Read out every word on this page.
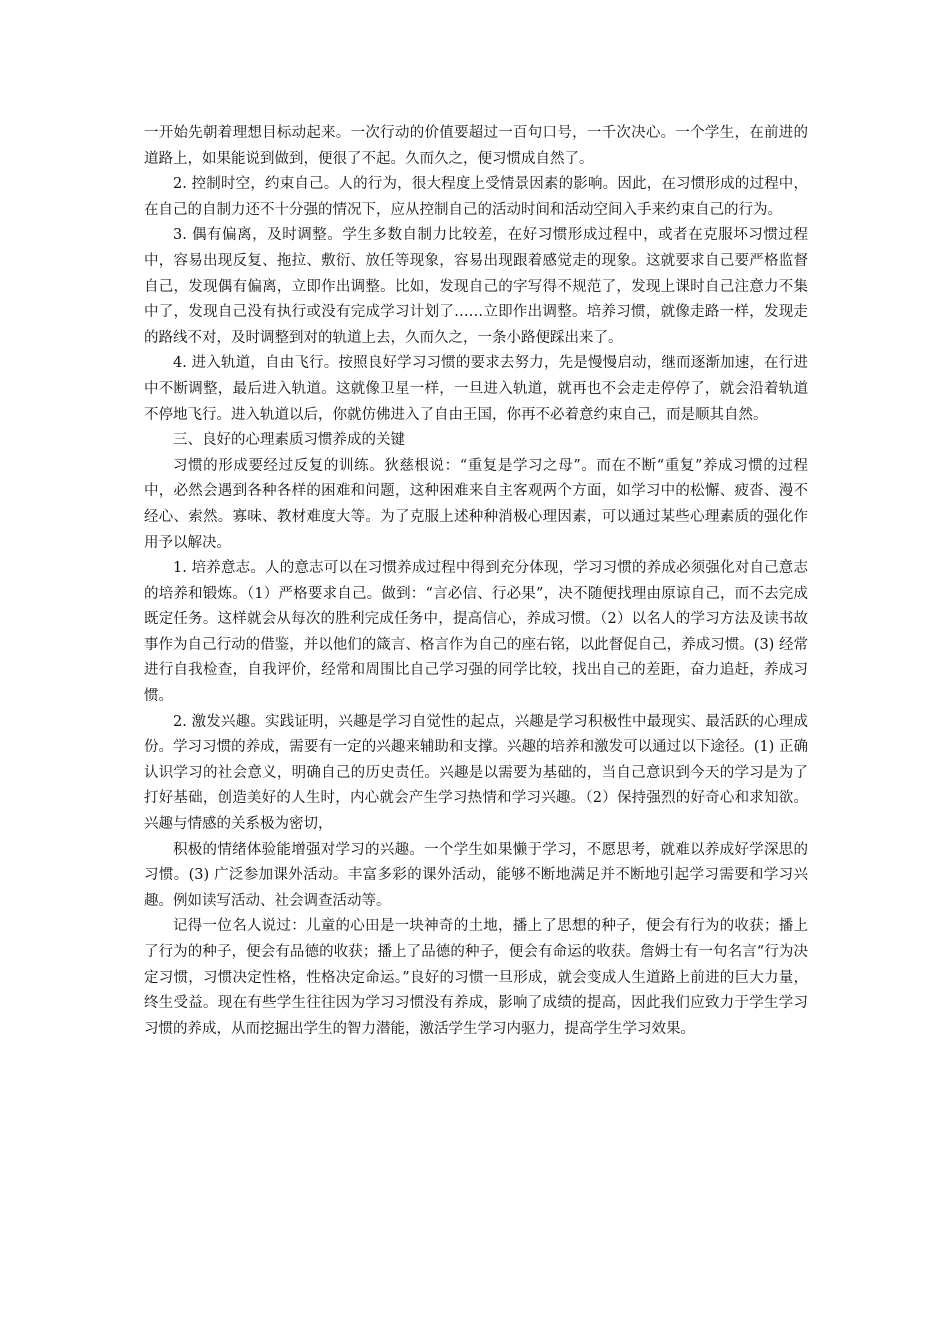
一开始先朝着理想目标动起来。一次行动的价值要超过一百句口号，一千次决心。一个学生，在前进的道路上，如果能说到做到，便很了不起。久而久之，便习惯成自然了。

2. 控制时空，约束自己。人的行为，很大程度上受情景因素的影响。因此，在习惯形成的过程中，在自己的自制力还不十分强的情况下，应从控制自己的活动时间和活动空间入手来约束自己的行为。

3. 偶有偏离，及时调整。学生多数自制力比较差，在好习惯形成过程中，或者在克服坏习惯过程中，容易出现反复、拖拉、敷衍、放任等现象，容易出现跟着感觉走的现象。这就要求自己要严格监督自己，发现偶有偏离，立即作出调整。比如，发现自己的字写得不规范了，发现上课时自己注意力不集中了，发现自己没有执行或没有完成学习计划了……立即作出调整。培养习惯，就像走路一样，发现走的路线不对，及时调整到对的轨道上去，久而久之，一条小路便踩出来了。

4. 进入轨道，自由飞行。按照良好学习习惯的要求去努力，先是慢慢启动，继而逐渐加速，在行进中不断调整，最后进入轨道。这就像卫星一样，一旦进入轨道，就再也不会走走停停了，就会沿着轨道不停地飞行。进入轨道以后，你就仿佛进入了自由王国，你再不必着意约束自己，而是顺其自然。

三、良好的心理素质习惯养成的关键

习惯的形成要经过反复的训练。狄慈根说：“重复是学习之母”。而在不断“重复”养成习惯的过程中，必然会遇到各种各样的困难和问题，这种困难来自主客观两个方面，如学习中的松懈、疲沓、漫不经心、索然。寡味、教材难度大等。为了克服上述种种消极心理因素，可以通过某些心理素质的强化作用予以解决。

1. 培养意志。人的意志可以在习惯养成过程中得到充分体现，学习习惯的养成必须强化对自己意志的培养和锻炼。（1）严格要求自己。做到：“言必信、行必果”，决不随便找理由原谅自己，而不去完成既定任务。这样就会从每次的胜利完成任务中，提高信心，养成习惯。（2）以名人的学习方法及读书故事作为自己行动的借鉴，并以他们的箴言、格言作为自己的座右铭，以此督促自己，养成习惯。(3) 经常进行自我检查，自我评价，经常和周围比自己学习强的同学比较，找出自己的差距，奋力追赶，养成习惯。

2. 激发兴趣。实践证明，兴趣是学习自觉性的起点，兴趣是学习积极性中最现实、最活跃的心理成份。学习习惯的养成，需要有一定的兴趣来辅助和支撑。兴趣的培养和激发可以通过以下途径。(1) 正确认识学习的社会意义，明确自己的历史责任。兴趣是以需要为基础的，当自己意识到今天的学习是为了打好基础，创造美好的人生时，内心就会产生学习热情和学习兴趣。（2）保持强烈的好奇心和求知欲。兴趣与情感的关系极为密切，

积极的情绪体验能增强对学习的兴趣。一个学生如果懒于学习，不愿思考，就难以养成好学深思的习惯。(3) 广泛参加课外活动。丰富多彩的课外活动，能够不断地满足并不断地引起学习需要和学习兴趣。例如读写活动、社会调查活动等。

记得一位名人说过：儿童的心田是一块神奇的土地，播上了思想的种子，便会有行为的收获；播上了行为的种子，便会有品德的收获；播上了品德的种子，便会有命运的收获。詹姆士有一句名言“行为决定习惯，习惯决定性格，性格决定命运。”良好的习惯一旦形成，就会变成人生道路上前进的巨大力量，终生受益。现在有些学生往往因为学习习惯没有养成，影响了成绩的提高，因此我们应致力于学生学习习惯的养成，从而挖掘出学生的智力潜能，激活学生学习内驱力，提高学生学习效果。
